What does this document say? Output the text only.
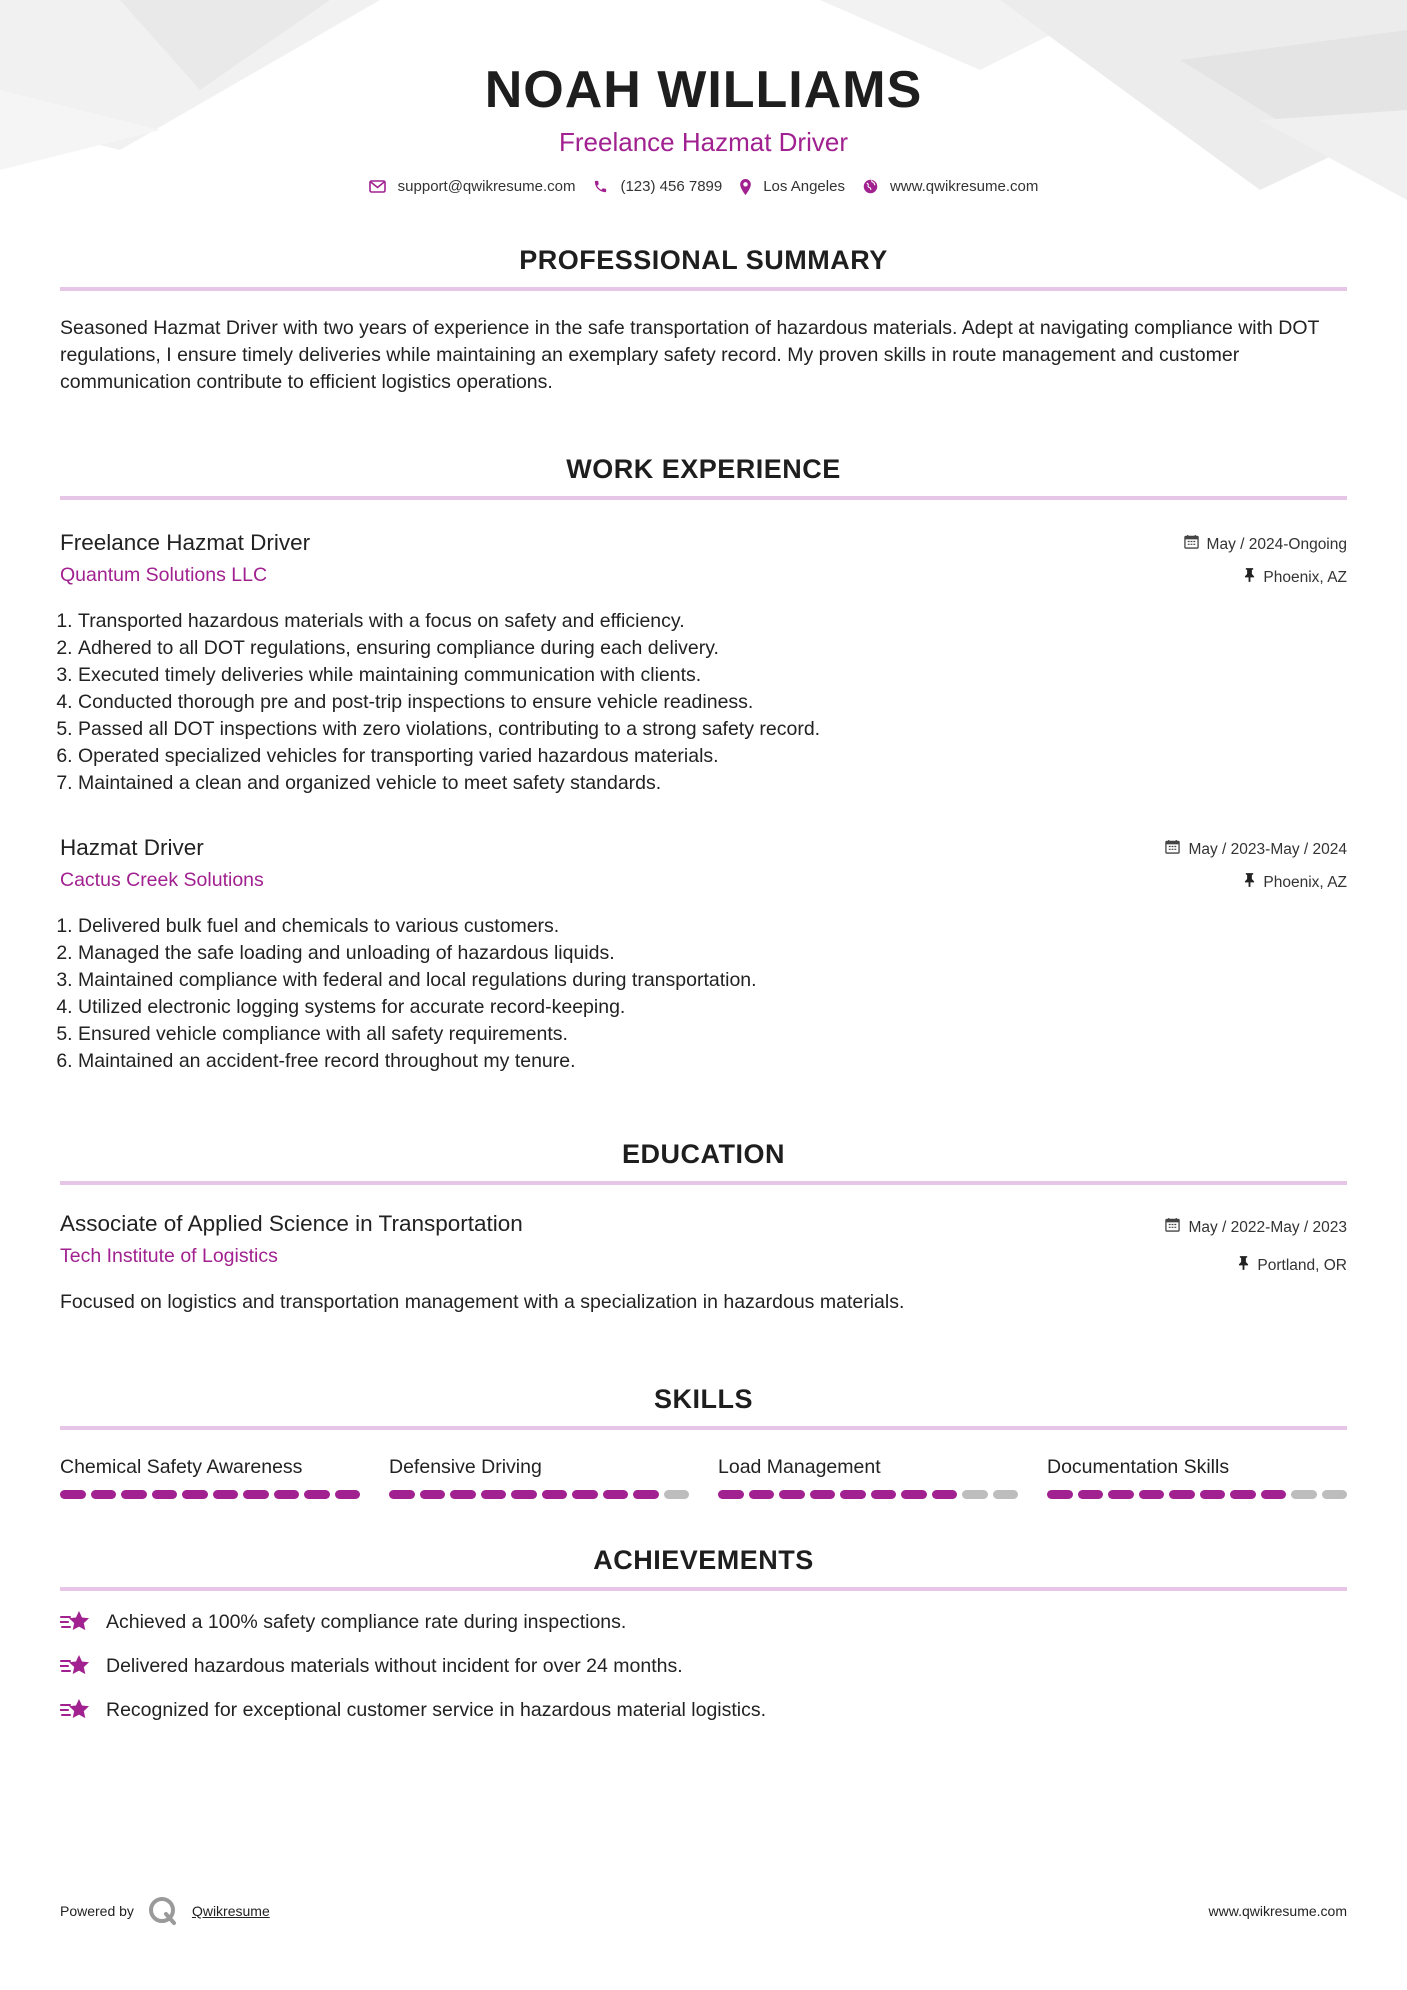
NOAH WILLIAMS
Freelance Hazmat Driver
support@qwikresume.com	(123) 456 7899	Los Angeles	www.qwikresume.com
PROFESSIONAL SUMMARY

Seasoned Hazmat Driver with two years of experience in the safe transportation of hazardous materials. Adept at navigating compliance with DOT regulations, I ensure timely deliveries while maintaining an exemplary safety record. My proven skills in route management and customer communication contribute to efficient logistics operations.

WORK EXPERIENCE
Freelance Hazmat Driver
Quantum Solutions LLC
May / 2024-Ongoing
Phoenix, AZ
1. Transported hazardous materials with a focus on safety and efficiency.
2. Adhered to all DOT regulations, ensuring compliance during each delivery.
3. Executed timely deliveries while maintaining communication with clients.
4. Conducted thorough pre and post-trip inspections to ensure vehicle readiness.
5. Passed all DOT inspections with zero violations, contributing to a strong safety record.
6. Operated specialized vehicles for transporting varied hazardous materials.
7. Maintained a clean and organized vehicle to meet safety standards.
Hazmat Driver
Cactus Creek Solutions
May / 2023-May / 2024
Phoenix, AZ
1. Delivered bulk fuel and chemicals to various customers.
2. Managed the safe loading and unloading of hazardous liquids.
3. Maintained compliance with federal and local regulations during transportation.
4. Utilized electronic logging systems for accurate record-keeping.
5. Ensured vehicle compliance with all safety requirements.
6. Maintained an accident-free record throughout my tenure.
EDUCATION
Associate of Applied Science in Transportation
Tech Institute of Logistics
May / 2022-May / 2023
Portland, OR

Focused on logistics and transportation management with a specialization in hazardous materials.

SKILLS
Chemical Safety Awareness	Defensive Driving	Load Management	Documentation Skills
ACHIEVEMENTS
Achieved a 100% safety compliance rate during inspections.
Delivered hazardous materials without incident for over 24 months.
Recognized for exceptional customer service in hazardous material logistics.
Powered by	Qwikresume	www.qwikresume.com
